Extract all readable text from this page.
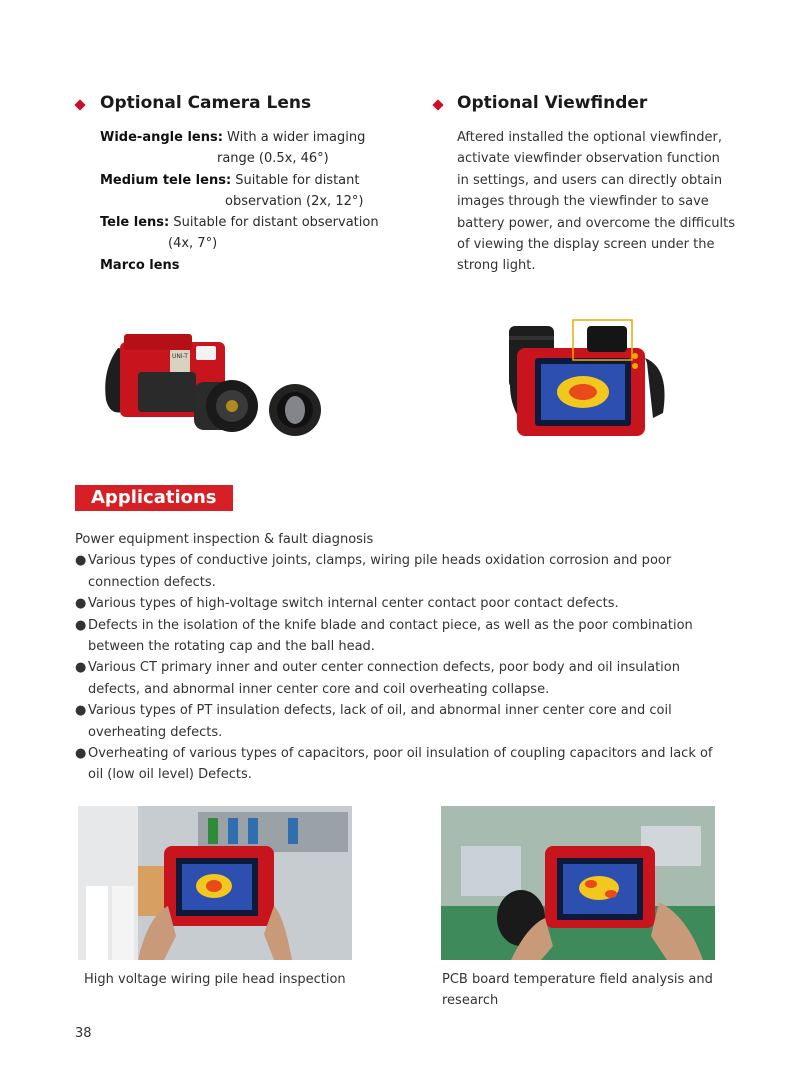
Optional Camera Lens
Wide-angle lens: With a wider imaging
range (0.5x, 46°)
Medium tele lens: Suitable for distant
observation (2x, 12°)
Tele lens: Suitable for distant observation
(4x, 7°)
Marco lens
Optional Viewfinder
Aftered installed the optional viewfinder,
activate viewfinder observation function
in settings, and users can directly obtain
images through the viewfinder to save
battery power, and overcome the difficults
of viewing the display screen under the
strong light.
UNI-T
Applications
Power equipment inspection & fault diagnosis
● Various types of conductive joints, clamps, wiring pile heads oxidation corrosion and poor
connection defects.
● Various types of high-voltage switch internal center contact poor contact defects.
● Defects in the isolation of the knife blade and contact piece, as well as the poor combination
between the rotating cap and the ball head.
● Various CT primary inner and outer center connection defects, poor body and oil insulation
defects, and abnormal inner center core and coil overheating collapse.
● Various types of PT insulation defects, lack of oil, and abnormal inner center core and coil
overheating defects.
● Overheating of various types of capacitors, poor oil insulation of coupling capacitors and lack of
oil (low oil level) Defects.
High voltage wiring pile head inspection	PCB board temperature field analysis and
research
38
